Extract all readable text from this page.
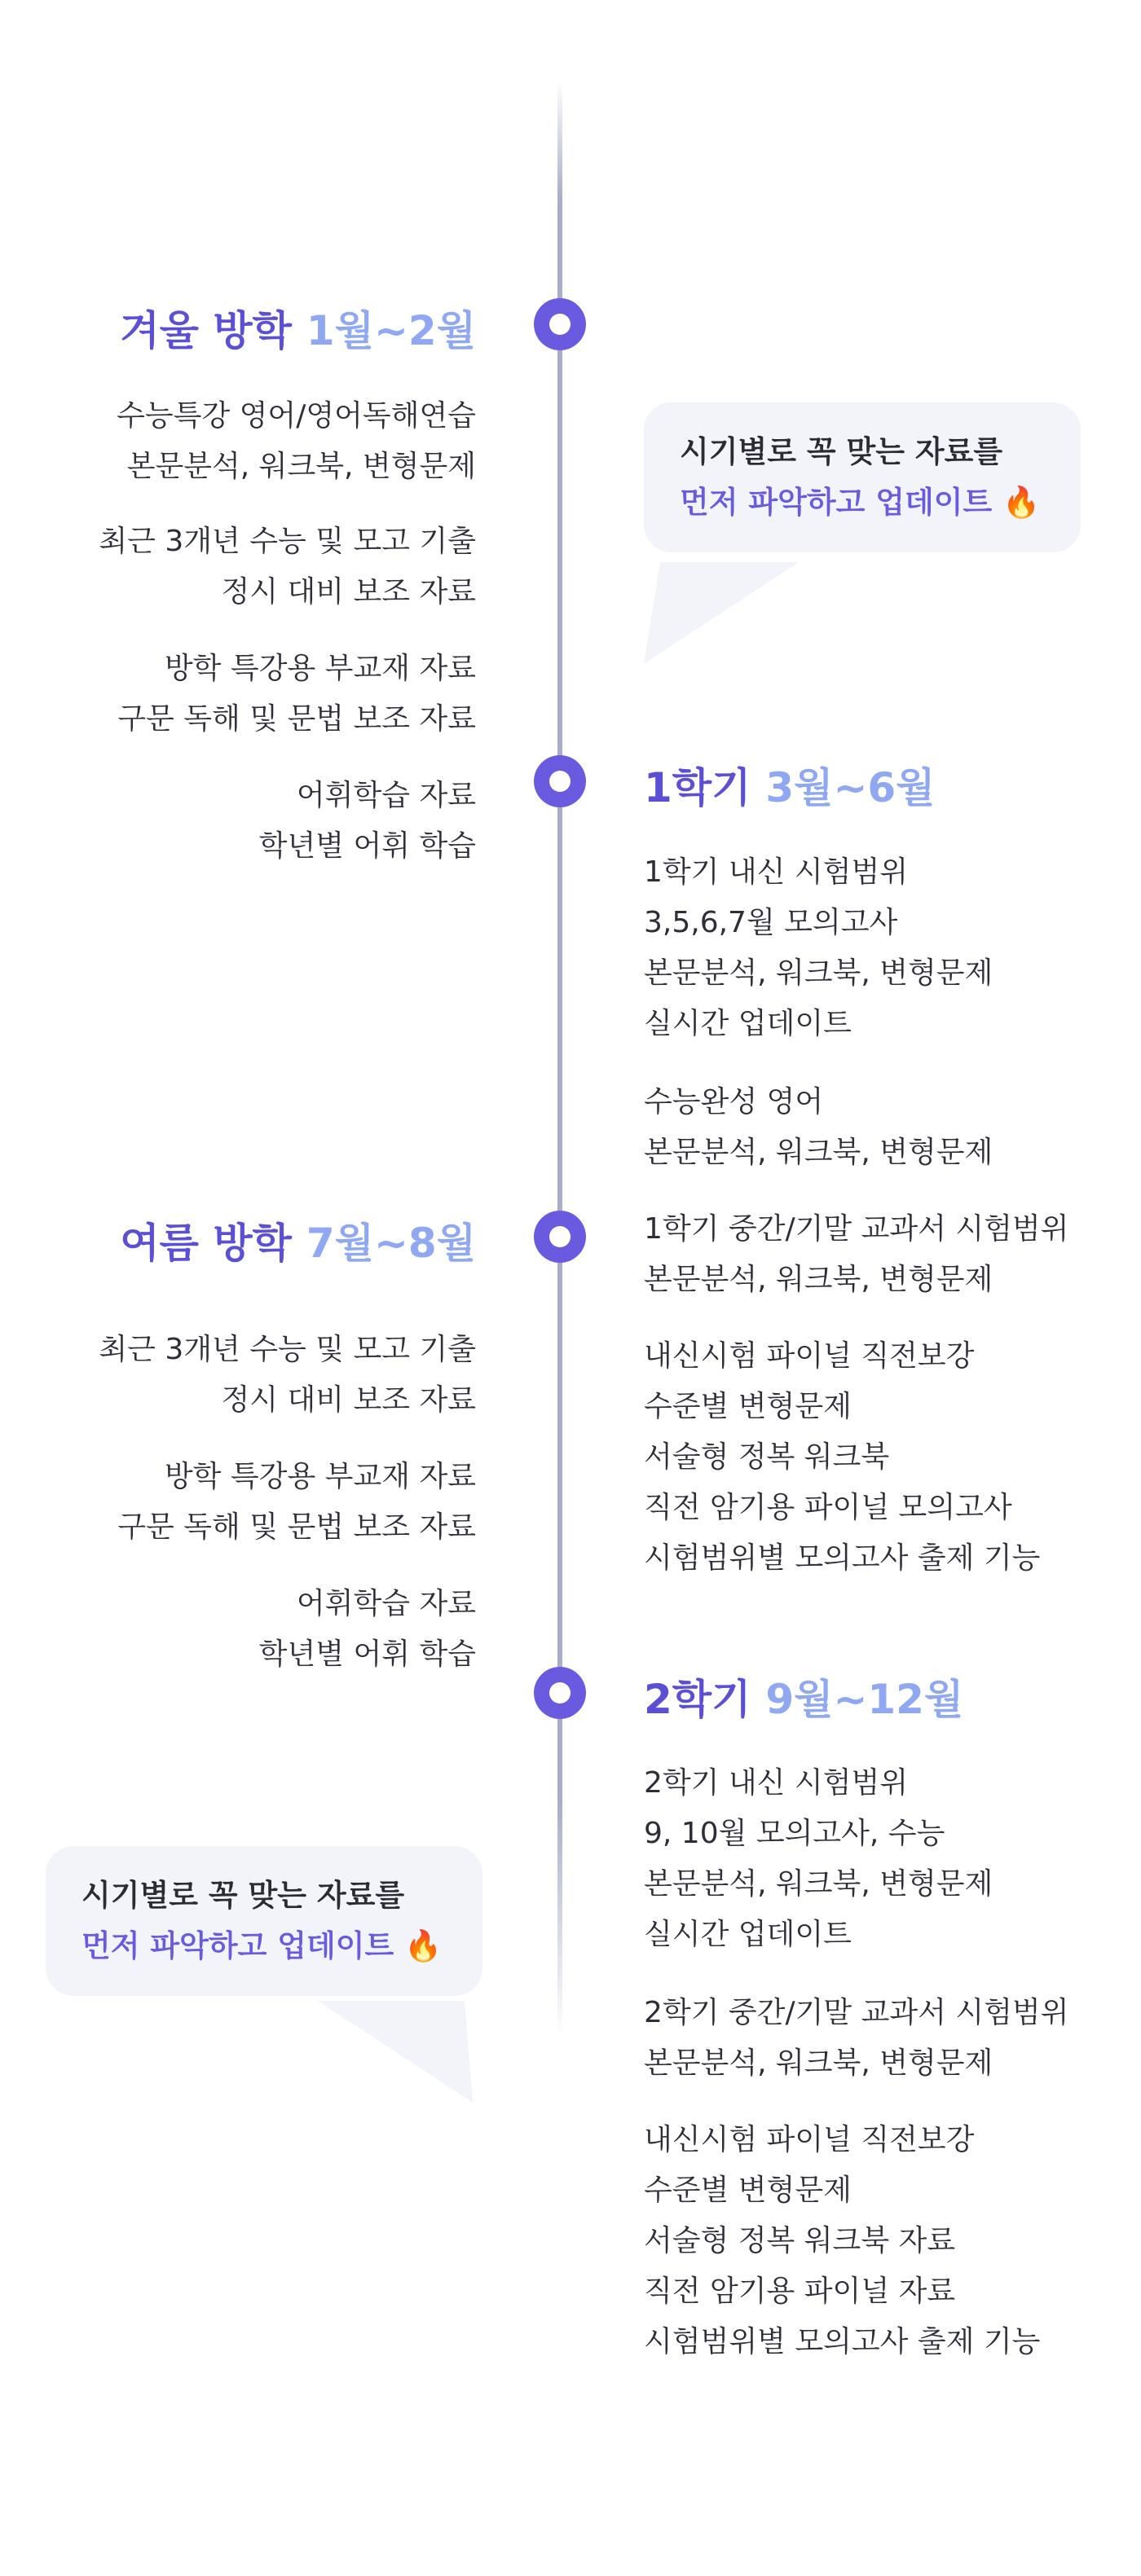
겨울 방학 1월~2월
수능특강 영어/영어독해연습
본문분석, 워크북, 변형문제
최근 3개년 수능 및 모고 기출
정시 대비 보조 자료
방학 특강용 부교재 자료
구문 독해 및 문법 보조 자료
어휘학습 자료
학년별 어휘 학습
시기별로 꼭 맞는 자료를
먼저 파악하고 업데이트 🔥
1학기 3월~6월
1학기 내신 시험범위
3,5,6,7월 모의고사
본문분석, 워크북, 변형문제
실시간 업데이트
수능완성 영어
본문분석, 워크북, 변형문제
1학기 중간/기말 교과서 시험범위
본문분석, 워크북, 변형문제
내신시험 파이널 직전보강
수준별 변형문제
서술형 정복 워크북
직전 암기용 파이널 모의고사
시험범위별 모의고사 출제 기능
여름 방학 7월~8월
최근 3개년 수능 및 모고 기출
정시 대비 보조 자료
방학 특강용 부교재 자료
구문 독해 및 문법 보조 자료
어휘학습 자료
학년별 어휘 학습
2학기 9월~12월
2학기 내신 시험범위
9, 10월 모의고사, 수능
본문분석, 워크북, 변형문제
실시간 업데이트
2학기 중간/기말 교과서 시험범위
본문분석, 워크북, 변형문제
내신시험 파이널 직전보강
수준별 변형문제
서술형 정복 워크북 자료
직전 암기용 파이널 자료
시험범위별 모의고사 출제 기능
시기별로 꼭 맞는 자료를
먼저 파악하고 업데이트 🔥
